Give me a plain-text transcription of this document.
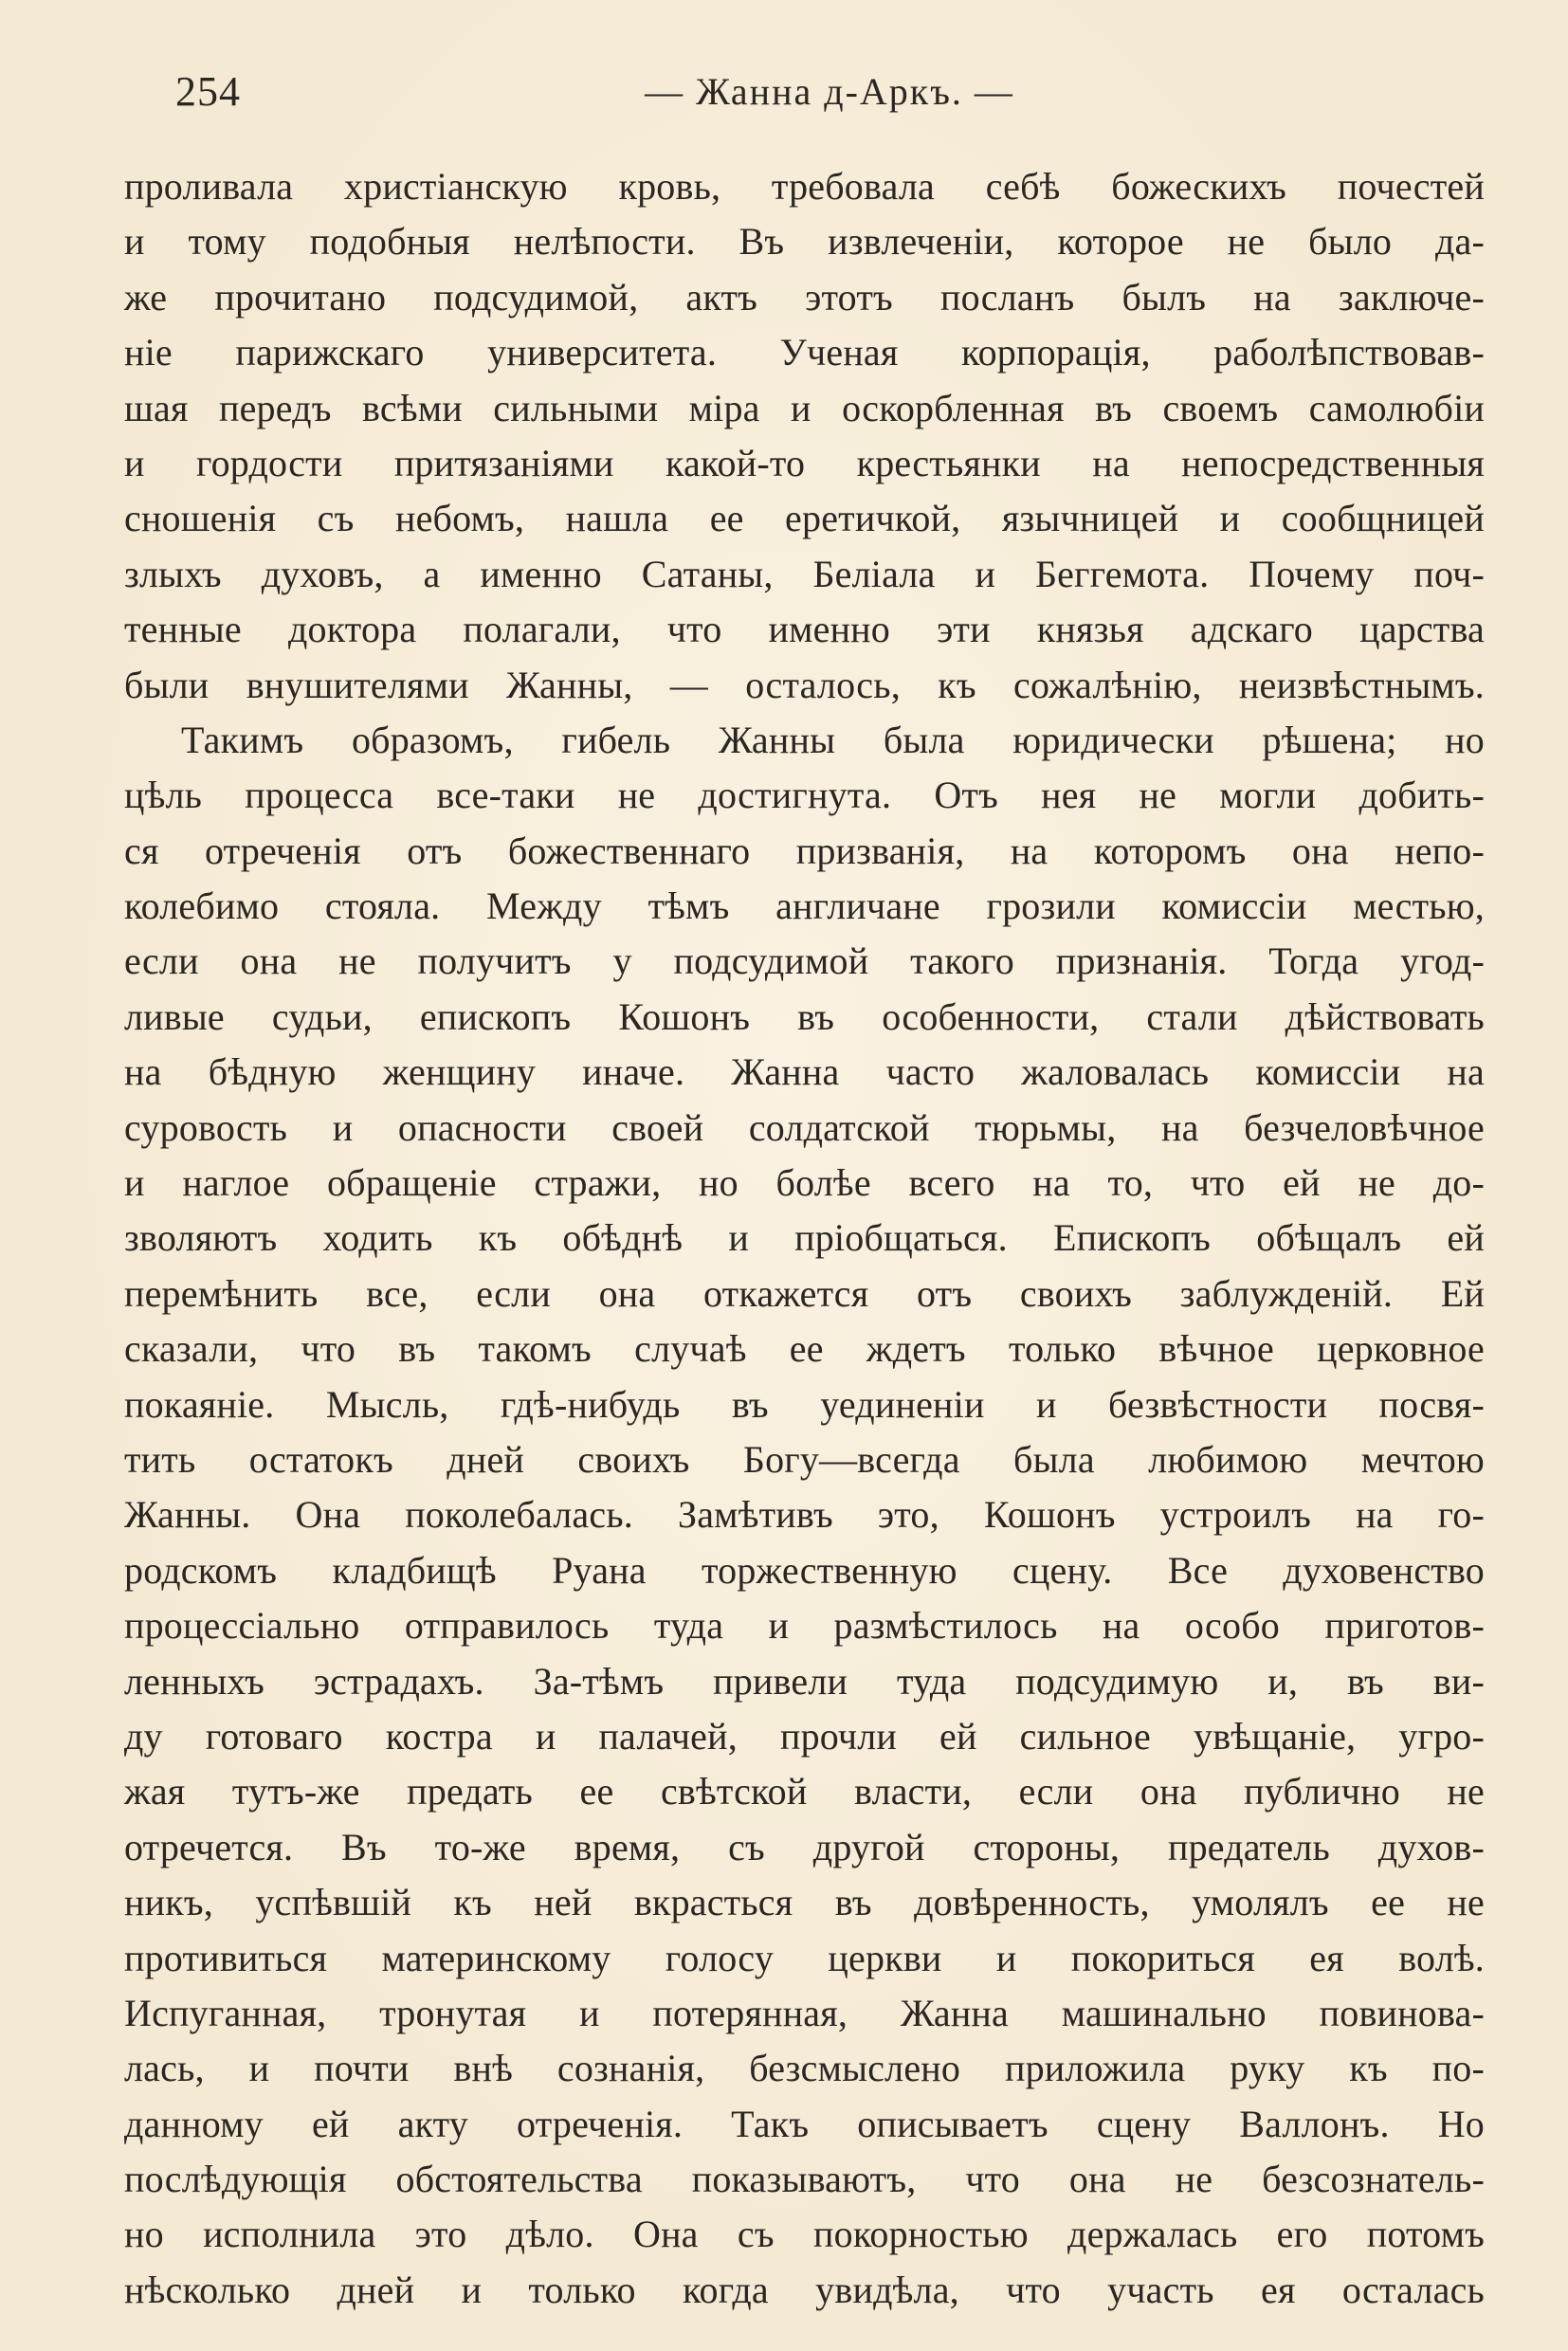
254	— Жанна д-Аркъ. —
проливала христіанскую кровь, требовала себѣ божескихъ почестей
и тому подобныя нелѣпости. Въ извлеченіи, которое не было да-
же прочитано подсудимой, актъ этотъ посланъ былъ на заключе-
ніе парижскаго университета. Ученая корпорація, раболѣпствовав-
шая передъ всѣми сильными міра и оскорбленная въ своемъ самолюбіи
и гордости притязаніями какой-то крестьянки на непосредственныя
сношенія съ небомъ, нашла ее еретичкой, язычницей и сообщницей
злыхъ духовъ, а именно Сатаны, Беліала и Беггемота. Почему поч-
тенные доктора полагали, что именно эти князья адскаго царства
были внушителями Жанны, — осталось, къ сожалѣнію, неизвѣстнымъ.
Такимъ образомъ, гибель Жанны была юридически рѣшена; но
цѣль процесса все-таки не достигнута. Отъ нея не могли добить-
ся отреченія отъ божественнаго призванія, на которомъ она непо-
колебимо стояла. Между тѣмъ англичане грозили комиссіи местью,
если она не получитъ у подсудимой такого признанія. Тогда угод-
ливые судьи, епископъ Кошонъ въ особенности, стали дѣйствовать
на бѣдную женщину иначе. Жанна часто жаловалась комиссіи на
суровость и опасности своей солдатской тюрьмы, на безчеловѣчное
и наглое обращеніе стражи, но болѣе всего на то, что ей не до-
зволяютъ ходить къ обѣднѣ и пріобщаться. Епископъ обѣщалъ ей
перемѣнить все, если она откажется отъ своихъ заблужденій. Ей
сказали, что въ такомъ случаѣ ее ждетъ только вѣчное церковное
покаяніе. Мысль, гдѣ-нибудь въ уединеніи и безвѣстности посвя-
тить остатокъ дней своихъ Богу—всегда была любимою мечтою
Жанны. Она поколебалась. Замѣтивъ это, Кошонъ устроилъ на го-
родскомъ кладбищѣ Руана торжественную сцену. Все духовенство
процессіально отправилось туда и размѣстилось на особо приготов-
ленныхъ эстрадахъ. За-тѣмъ привели туда подсудимую и, въ ви-
ду готоваго костра и палачей, прочли ей сильное увѣщаніе, угро-
жая тутъ-же предать ее свѣтской власти, если она публично не
отречется. Въ то-же время, съ другой стороны, предатель духов-
никъ, успѣвшій къ ней вкрасться въ довѣренность, умолялъ ее не
противиться материнскому голосу церкви и покориться ея волѣ.
Испуганная, тронутая и потерянная, Жанна машинально повинова-
лась, и почти внѣ сознанія, безсмыслено приложила руку къ по-
данному ей акту отреченія. Такъ описываетъ сцену Валлонъ. Но
послѣдующія обстоятельства показываютъ, что она не безсознатель-
но исполнила это дѣло. Она съ покорностью держалась его потомъ
нѣсколько дней и только когда увидѣла, что участь ея осталась
